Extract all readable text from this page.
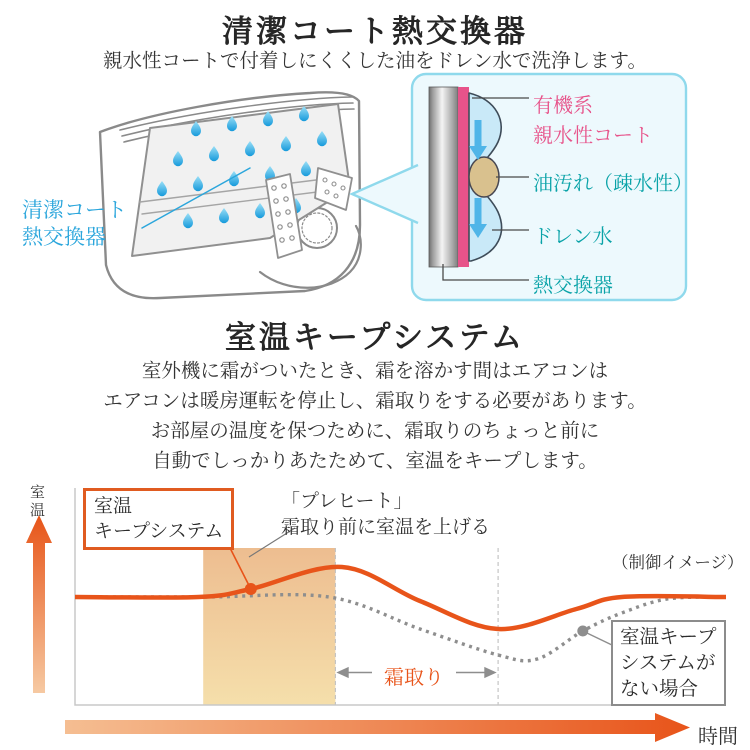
清潔コート熱交換器
親水性コートで付着しにくくした油をドレン水で洗浄します。
清潔コート
熱交換器
有機系
親水性コート
油汚れ（疎水性）
ドレン水
熱交換器
室温キープシステム
室外機に霜がついたとき、霜を溶かす間はエアコンは
エアコンは暖房運転を停止し、霜取りをする必要があります。
お部屋の温度を保つために、霜取りのちょっと前に
自動でしっかりあたためて、室温をキープします。
室温	室温
キープシステム
「プレヒート」
霜取り前に室温を上げる
（制御イメージ）
霜取り
室温キープ
システムが
ない場合
時間
